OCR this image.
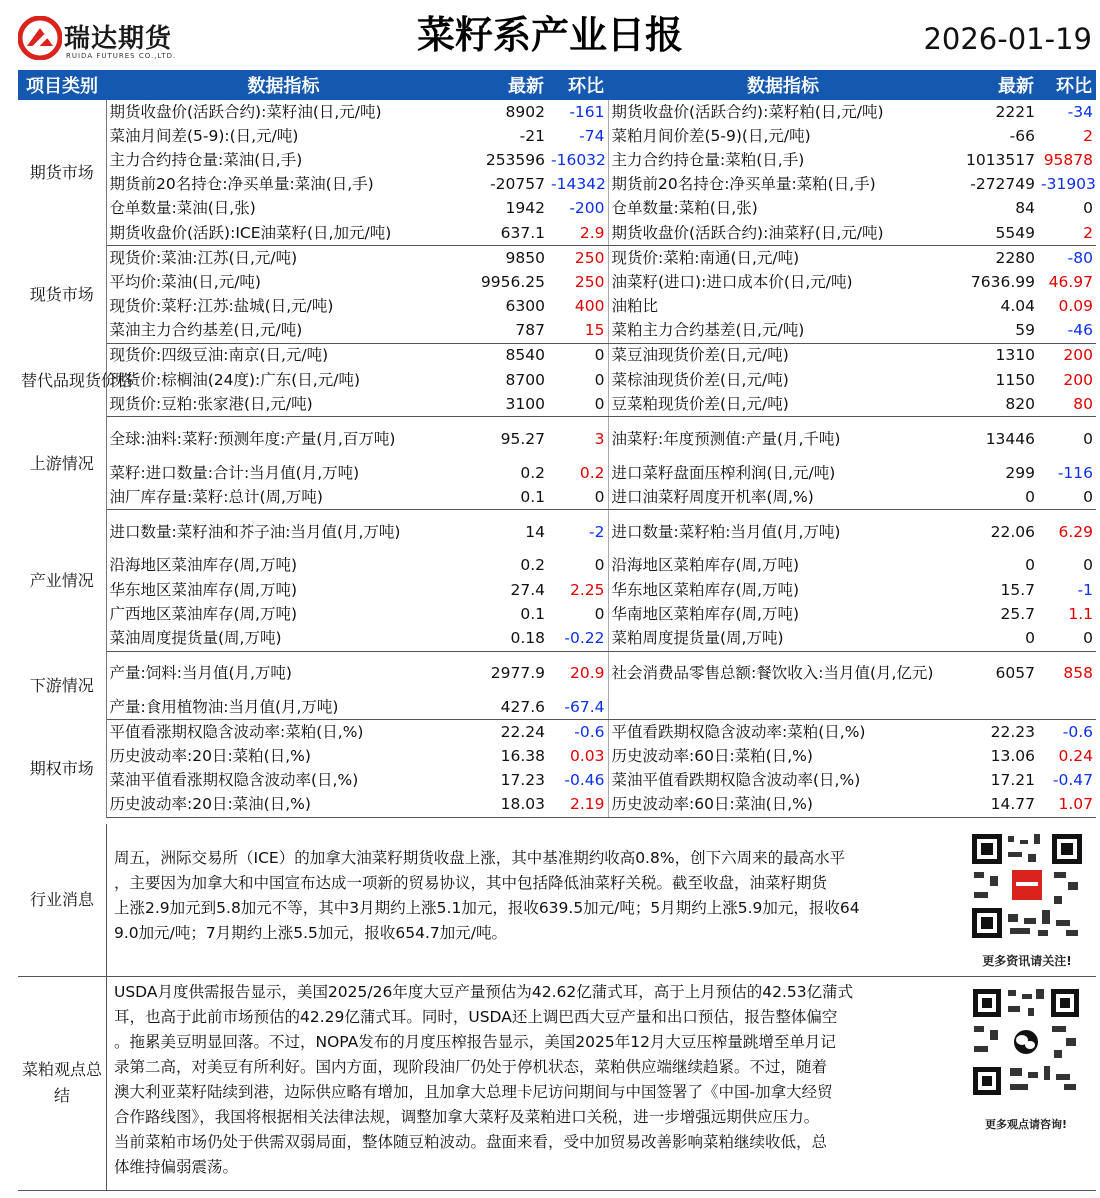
瑞达期货
RUIDA FUTURES CO.,LTD.	菜籽系产业日报	2026-01-19
项目类别	数据指标	最新	环比	数据指标	最新	环比
期货市场	期货收盘价(活跃合约):菜籽油(日,元/吨)	8902	-161	期货收盘价(活跃合约):菜籽粕(日,元/吨)	2221	-34
	菜油月间差(5-9):(日,元/吨)	-21	-74	菜粕月间价差(5-9)(日,元/吨)	-66	2
	主力合约持仓量:菜油(日,手)	253596	-16032	主力合约持仓量:菜粕(日,手)	1013517	95878
	期货前20名持仓:净买单量:菜油(日,手)	-20757	-14342	期货前20名持仓:净买单量:菜粕(日,手)	-272749	-31903
	仓单数量:菜油(日,张)	1942	-200	仓单数量:菜粕(日,张)	84	0
	期货收盘价(活跃):ICE油菜籽(日,加元/吨)	637.1	2.9	期货收盘价(活跃合约):油菜籽(日,元/吨)	5549	2
现货市场	现货价:菜油:江苏(日,元/吨)	9850	250	现货价:菜粕:南通(日,元/吨)	2280	-80
	平均价:菜油(日,元/吨)	9956.25	250	油菜籽(进口):进口成本价(日,元/吨)	7636.99	46.97
	现货价:菜籽:江苏:盐城(日,元/吨)	6300	400	油粕比	4.04	0.09
	菜油主力合约基差(日,元/吨)	787	15	菜粕主力合约基差(日,元/吨)	59	-46
替代品现货价格	现货价:四级豆油:南京(日,元/吨)	8540	0	菜豆油现货价差(日,元/吨)	1310	200
	现货价:棕榈油(24度):广东(日,元/吨)	8700	0	菜棕油现货价差(日,元/吨)	1150	200
	现货价:豆粕:张家港(日,元/吨)	3100	0	豆菜粕现货价差(日,元/吨)	820	80
上游情况	全球:油料:菜籽:预测年度:产量(月,百万吨)	95.27	3	油菜籽:年度预测值:产量(月,千吨)	13446	0
	菜籽:进口数量:合计:当月值(月,万吨)	0.2	0.2	进口菜籽盘面压榨利润(日,元/吨)	299	-116
	油厂库存量:菜籽:总计(周,万吨)	0.1	0	进口油菜籽周度开机率(周,%)	0	0
产业情况	进口数量:菜籽油和芥子油:当月值(月,万吨)	14	-2	进口数量:菜籽粕:当月值(月,万吨)	22.06	6.29
	沿海地区菜油库存(周,万吨)	0.2	0	沿海地区菜粕库存(周,万吨)	0	0
	华东地区菜油库存(周,万吨)	27.4	2.25	华东地区菜粕库存(周,万吨)	15.7	-1
	广西地区菜油库存(周,万吨)	0.1	0	华南地区菜粕库存(周,万吨)	25.7	1.1
	菜油周度提货量(周,万吨)	0.18	-0.22	菜粕周度提货量(周,万吨)	0	0
下游情况	产量:饲料:当月值(月,万吨)	2977.9	20.9	社会消费品零售总额:餐饮收入:当月值(月,亿元)	6057	858
	产量:食用植物油:当月值(月,万吨)	427.6	-67.4			
期权市场	平值看涨期权隐含波动率:菜粕(日,%)	22.24	-0.6	平值看跌期权隐含波动率:菜粕(日,%)	22.23	-0.6
	历史波动率:20日:菜粕(日,%)	16.38	0.03	历史波动率:60日:菜粕(日,%)	13.06	0.24
	菜油平值看涨期权隐含波动率(日,%)	17.23	-0.46	菜油平值看跌期权隐含波动率(日,%)	17.21	-0.47
	历史波动率:20日:菜油(日,%)	18.03	2.19	历史波动率:60日:菜油(日,%)	14.77	1.07
行业消息
周五，洲际交易所（ICE）的加拿大油菜籽期货收盘上涨，其中基准期约收高0.8%，创下六周来的最高水平
，主要因为加拿大和中国宣布达成一项新的贸易协议，其中包括降低油菜籽关税。截至收盘，油菜籽期货
上涨2.9加元到5.8加元不等，其中3月期约上涨5.1加元，报收639.5加元/吨；5月期约上涨5.9加元，报收64
9.0加元/吨；7月期约上涨5.5加元，报收654.7加元/吨。
更多资讯请关注!
菜粕观点总结
USDA月度供需报告显示，美国2025/26年度大豆产量预估为42.62亿蒲式耳，高于上月预估的42.53亿蒲式
耳，也高于此前市场预估的42.29亿蒲式耳。同时，USDA还上调巴西大豆产量和出口预估，报告整体偏空
。拖累美豆明显回落。不过，NOPA发布的月度压榨报告显示，美国2025年12月大豆压榨量跳增至单月记
录第二高，对美豆有所利好。国内方面，现阶段油厂仍处于停机状态，菜粕供应端继续趋紧。不过，随着
澳大利亚菜籽陆续到港，边际供应略有增加，且加拿大总理卡尼访问期间与中国签署了《中国-加拿大经贸
合作路线图》，我国将根据相关法律法规，调整加拿大菜籽及菜粕进口关税，进一步增强远期供应压力。
当前菜粕市场仍处于供需双弱局面，整体随豆粕波动。盘面来看，受中加贸易改善影响菜粕继续收低，总
体维持偏弱震荡。
更多观点请咨询!
